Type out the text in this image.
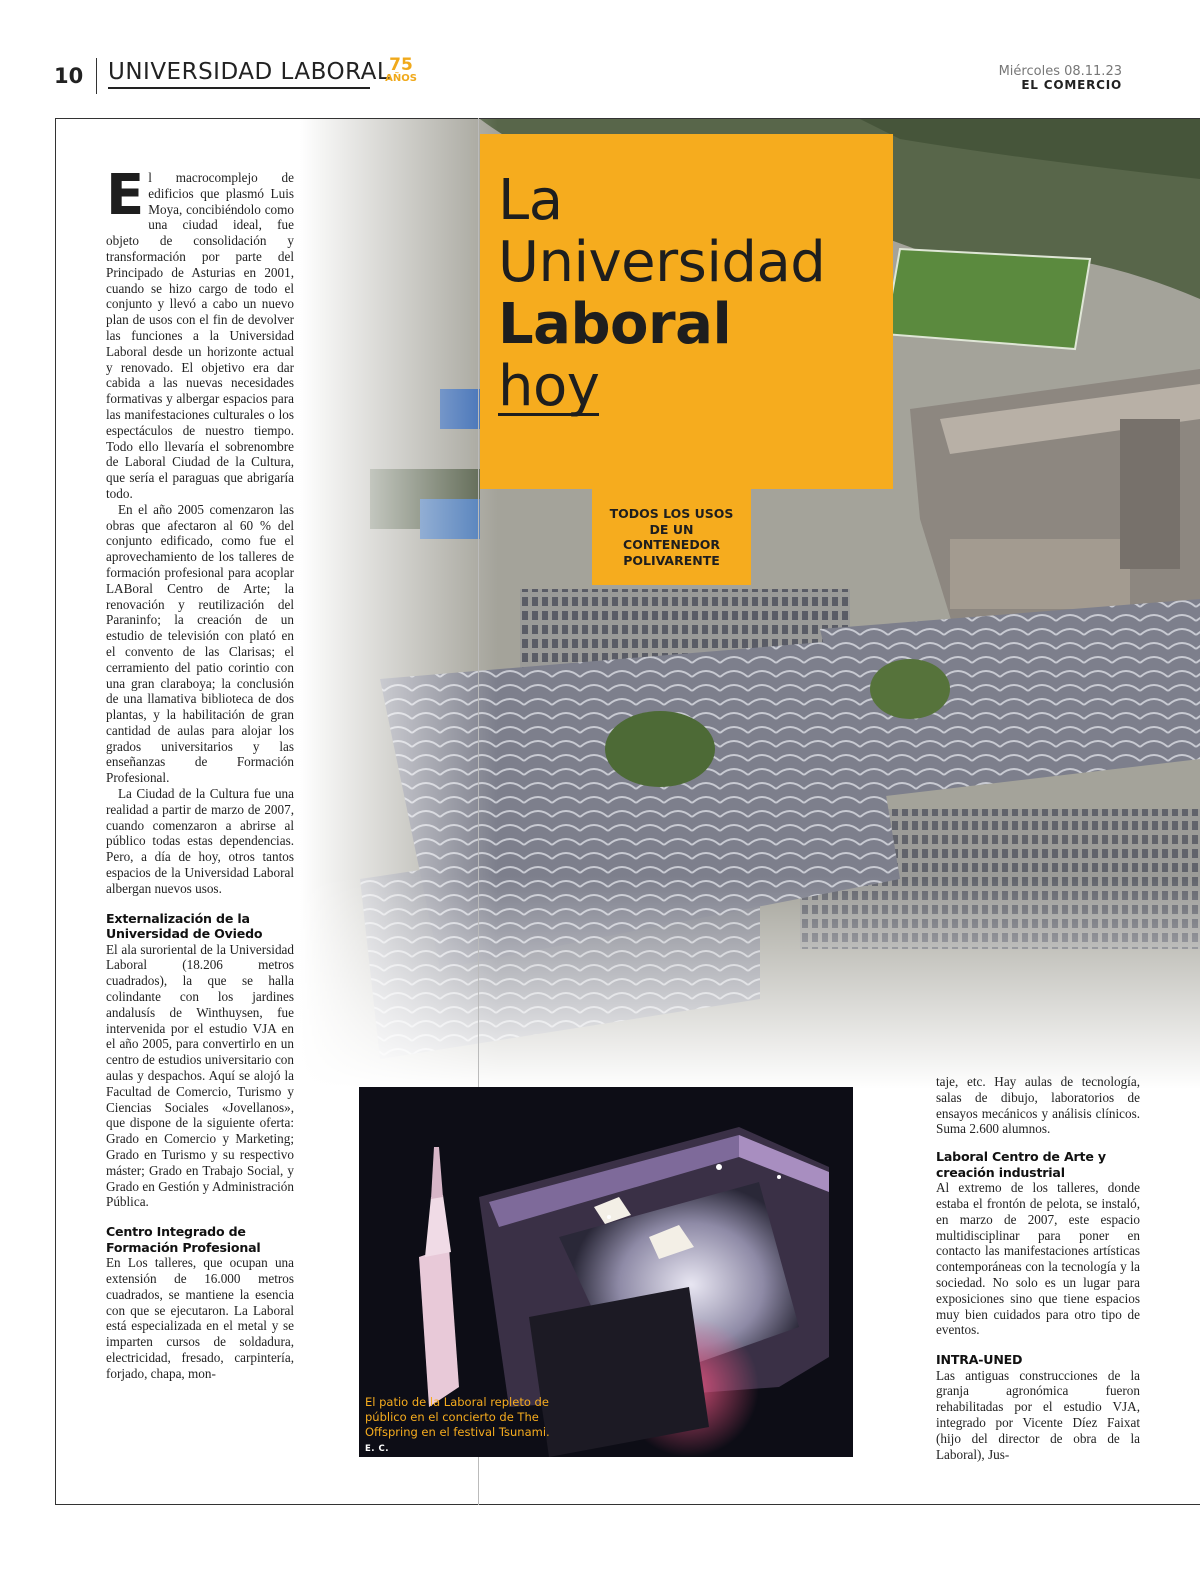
10 UNIVERSIDAD LABORAL
75
AÑOS	Miércoles 08.11.23
EL COMERCIO
La
Universidad
Laboral
hoy
TODOS LOS USOS DE UN CONTENEDOR POLIVARENTE

El macrocomplejo de edificios que plasmó Luis Moya, concibiéndolo como una ciudad ideal, fue objeto de consolidación y transformación por parte del Principado de Asturias en 2001, cuando se hizo cargo de todo el conjunto y llevó a cabo un nuevo plan de usos con el fin de devolver las funciones a la Universidad Laboral desde un horizonte actual y renovado. El objetivo era dar cabida a las nuevas necesidades formativas y albergar espacios para las manifestaciones culturales o los espectáculos de nuestro tiempo. Todo ello llevaría el sobrenombre de Laboral Ciudad de la Cultura, que sería el paraguas que abrigaría todo.

En el año 2005 comenzaron las obras que afectaron al 60 % del conjunto edificado, como fue el aprovechamiento de los talleres de formación profesional para acoplar LABoral Centro de Arte; la renovación y reutilización del Paraninfo; la creación de un estudio de televisión con plató en el convento de las Clarisas; el cerramiento del patio corintio con una gran claraboya; la conclusión de una llamativa biblioteca de dos plantas, y la habilitación de gran cantidad de aulas para alojar los grados universitarios y las enseñanzas de Formación Profesional.

La Ciudad de la Cultura fue una realidad a partir de marzo de 2007, cuando comenzaron a abrirse al público todas estas dependencias. Pero, a día de hoy, otros tantos espacios de la Universidad Laboral albergan nuevos usos.

Externalización de la Universidad de Oviedo

El ala suroriental de la Universidad Laboral (18.206 metros cuadrados), la que se halla colindante con los jardines andalusís de Winthuysen, fue intervenida por el estudio VJA en el año 2005, para convertirlo en un centro de estudios universitario con aulas y despachos. Aquí se alojó la Facultad de Comercio, Turismo y Ciencias Sociales «Jovellanos», que dispone de la siguiente oferta: Grado en Comercio y Marketing; Grado en Turismo y su respectivo máster; Grado en Trabajo Social, y Grado en Gestión y Administración Pública.

Centro Integrado de Formación Profesional

En Los talleres, que ocupan una extensión de 16.000 metros cuadrados, se mantiene la esencia con que se ejecutaron. La Laboral está especializada en el metal y se imparten cursos de soldadura, electricidad, fresado, carpintería, forjado, chapa, mon-

El patio de la Laboral repleto de público en el concierto de The Offspring en el festival Tsunami. E. C.

taje, etc. Hay aulas de tecnología, salas de dibujo, laboratorios de ensayos mecánicos y análisis clínicos. Suma 2.600 alumnos.

Laboral Centro de Arte y creación industrial

Al extremo de los talleres, donde estaba el frontón de pelota, se instaló, en marzo de 2007, este espacio multidisciplinar para poner en contacto las manifestaciones artísticas contemporáneas con la tecnología y la sociedad. No solo es un lugar para exposiciones sino que tiene espacios muy bien cuidados para otro tipo de eventos.

INTRA-UNED

Las antiguas construcciones de la granja agronómica fueron rehabilitadas por el estudio VJA, integrado por Vicente Díez Faixat (hijo del director de obra de la Laboral), Jus-
